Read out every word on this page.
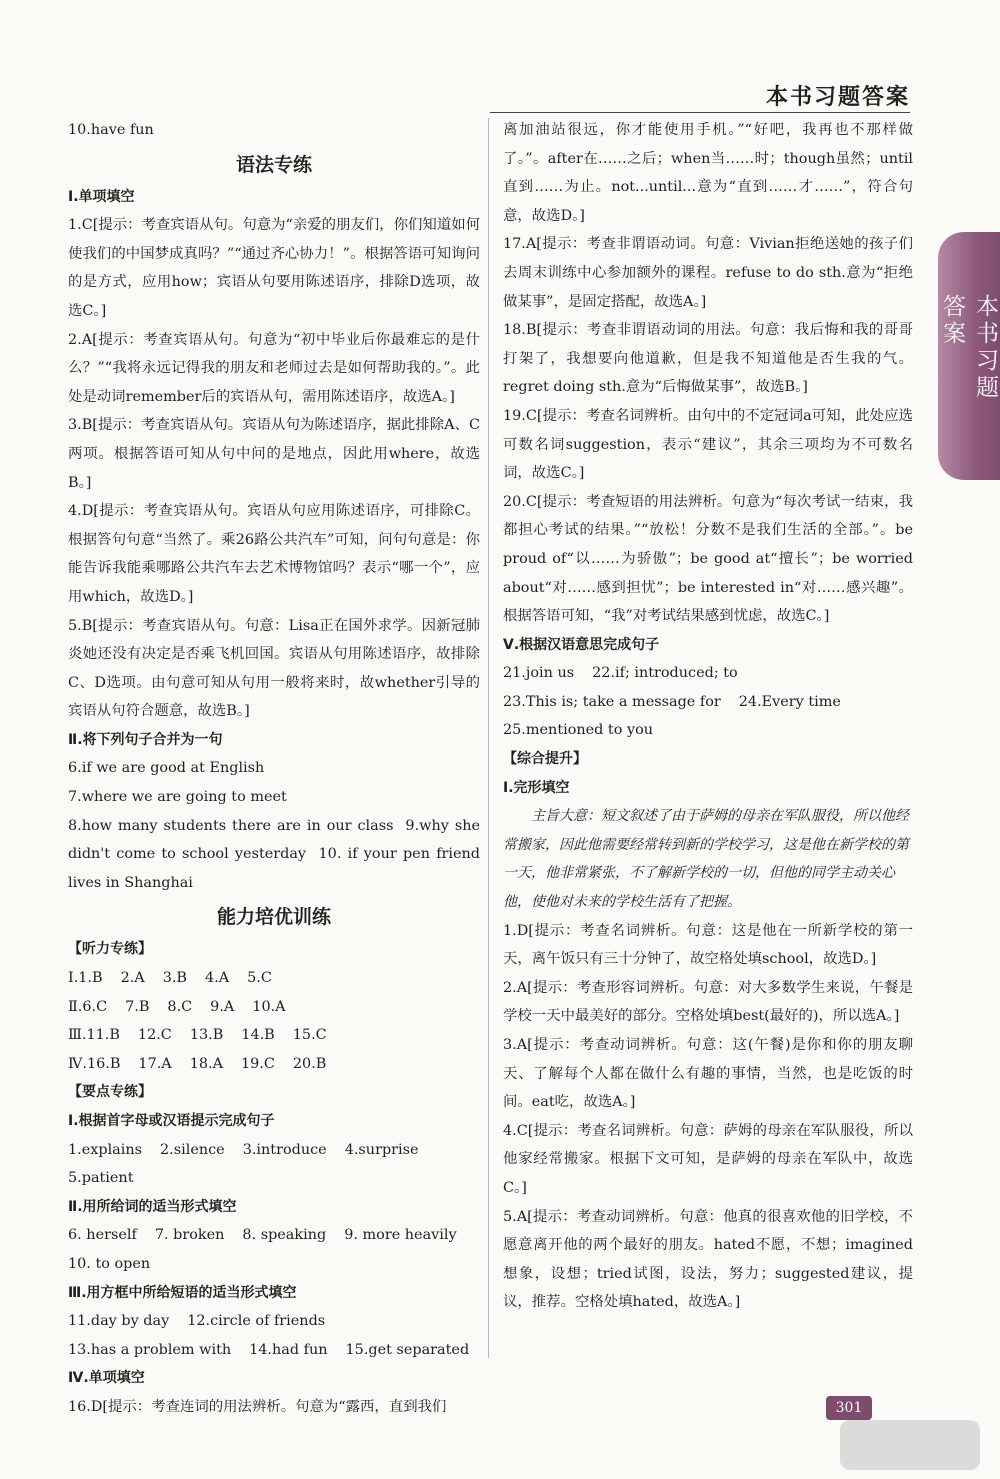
本书习题答案
本书习题答案

10.have fun

语法专练

Ⅰ.单项填空

1.C[提示：考查宾语从句。句意为“亲爱的朋友们，你们知道如何使我们的中国梦成真吗？”“通过齐心协力！”。根据答语可知询问的是方式，应用how；宾语从句要用陈述语序，排除D选项，故选C。]

2.A[提示：考查宾语从句。句意为“初中毕业后你最难忘的是什么？”“我将永远记得我的朋友和老师过去是如何帮助我的。”。此处是动词remember后的宾语从句，需用陈述语序，故选A。]

3.B[提示：考查宾语从句。宾语从句为陈述语序，据此排除A、C两项。根据答语可知从句中问的是地点，因此用where，故选B。]

4.D[提示：考查宾语从句。宾语从句应用陈述语序，可排除C。根据答句句意“当然了。乘26路公共汽车”可知，问句句意是：你能告诉我能乘哪路公共汽车去艺术博物馆吗？表示“哪一个”，应用which，故选D。]

5.B[提示：考查宾语从句。句意：Lisa正在国外求学。因新冠肺炎她还没有决定是否乘飞机回国。宾语从句用陈述语序，故排除C、D选项。由句意可知从句用一般将来时，故whether引导的宾语从句符合题意，故选B。]

Ⅱ.将下列句子合并为一句

6.if we are good at English
7.where we are going to meet

8.how many students there are in our class 9.why she didn't come to school yesterday 10. if your pen friend lives in Shanghai

能力培优训练

【听力专练】

Ⅰ.1.B 2.A 3.B 4.A 5.C
Ⅱ.6.C 7.B 8.C 9.A 10.A
Ⅲ.11.B 12.C 13.B 14.B 15.C
Ⅳ.16.B 17.A 18.A 19.C 20.B

【要点专练】

Ⅰ.根据首字母或汉语提示完成句子

1.explains 2.silence 3.introduce 4.surprise
5.patient

Ⅱ.用所给词的适当形式填空

6. herself 7. broken 8. speaking 9. more heavily
10. to open

Ⅲ.用方框中所给短语的适当形式填空

11.day by day 12.circle of friends
13.has a problem with 14.had fun 15.get separated

Ⅳ.单项填空

16.D[提示：考查连词的用法辨析。句意为“露西，直到我们

离加油站很远，你才能使用手机。”“好吧，我再也不那样做了。”。after在……之后；when当……时；though虽然；until直到……为止。not...until...意为“直到……才……”，符合句意，故选D。]

17.A[提示：考查非谓语动词。句意：Vivian拒绝送她的孩子们去周末训练中心参加额外的课程。refuse to do sth.意为“拒绝做某事”，是固定搭配，故选A。]

18.B[提示：考查非谓语动词的用法。句意：我后悔和我的哥哥打架了，我想要向他道歉，但是我不知道他是否生我的气。regret doing sth.意为“后悔做某事”，故选B。]

19.C[提示：考查名词辨析。由句中的不定冠词a可知，此处应选可数名词suggestion，表示“建议”，其余三项均为不可数名词，故选C。]

20.C[提示：考查短语的用法辨析。句意为“每次考试一结束，我都担心考试的结果。”“放松！分数不是我们生活的全部。”。be proud of“以……为骄傲”；be good at“擅长”；be worried about“对……感到担忧”；be interested in“对……感兴趣”。根据答语可知，“我”对考试结果感到忧虑，故选C。]

Ⅴ.根据汉语意思完成句子

21.join us 22.if; introduced; to
23.This is; take a message for 24.Every time
25.mentioned to you

【综合提升】

Ⅰ.完形填空

主旨大意：短文叙述了由于萨姆的母亲在军队服役，所以他经常搬家，因此他需要经常转到新的学校学习，这是他在新学校的第一天，他非常紧张，不了解新学校的一切，但他的同学主动关心他，使他对未来的学校生活有了把握。

1.D[提示：考查名词辨析。句意：这是他在一所新学校的第一天，离午饭只有三十分钟了，故空格处填school，故选D。]

2.A[提示：考查形容词辨析。句意：对大多数学生来说，午餐是学校一天中最美好的部分。空格处填best(最好的)，所以选A。]

3.A[提示：考查动词辨析。句意：这(午餐)是你和你的朋友聊天、了解每个人都在做什么有趣的事情，当然，也是吃饭的时间。eat吃，故选A。]

4.C[提示：考查名词辨析。句意：萨姆的母亲在军队服役，所以他家经常搬家。根据下文可知，是萨姆的母亲在军队中，故选C。]

5.A[提示：考查动词辨析。句意：他真的很喜欢他的旧学校，不愿意离开他的两个最好的朋友。hated不愿，不想；imagined想象，设想；tried试图，设法，努力；suggested建议，提议，推荐。空格处填hated，故选A。]

301
